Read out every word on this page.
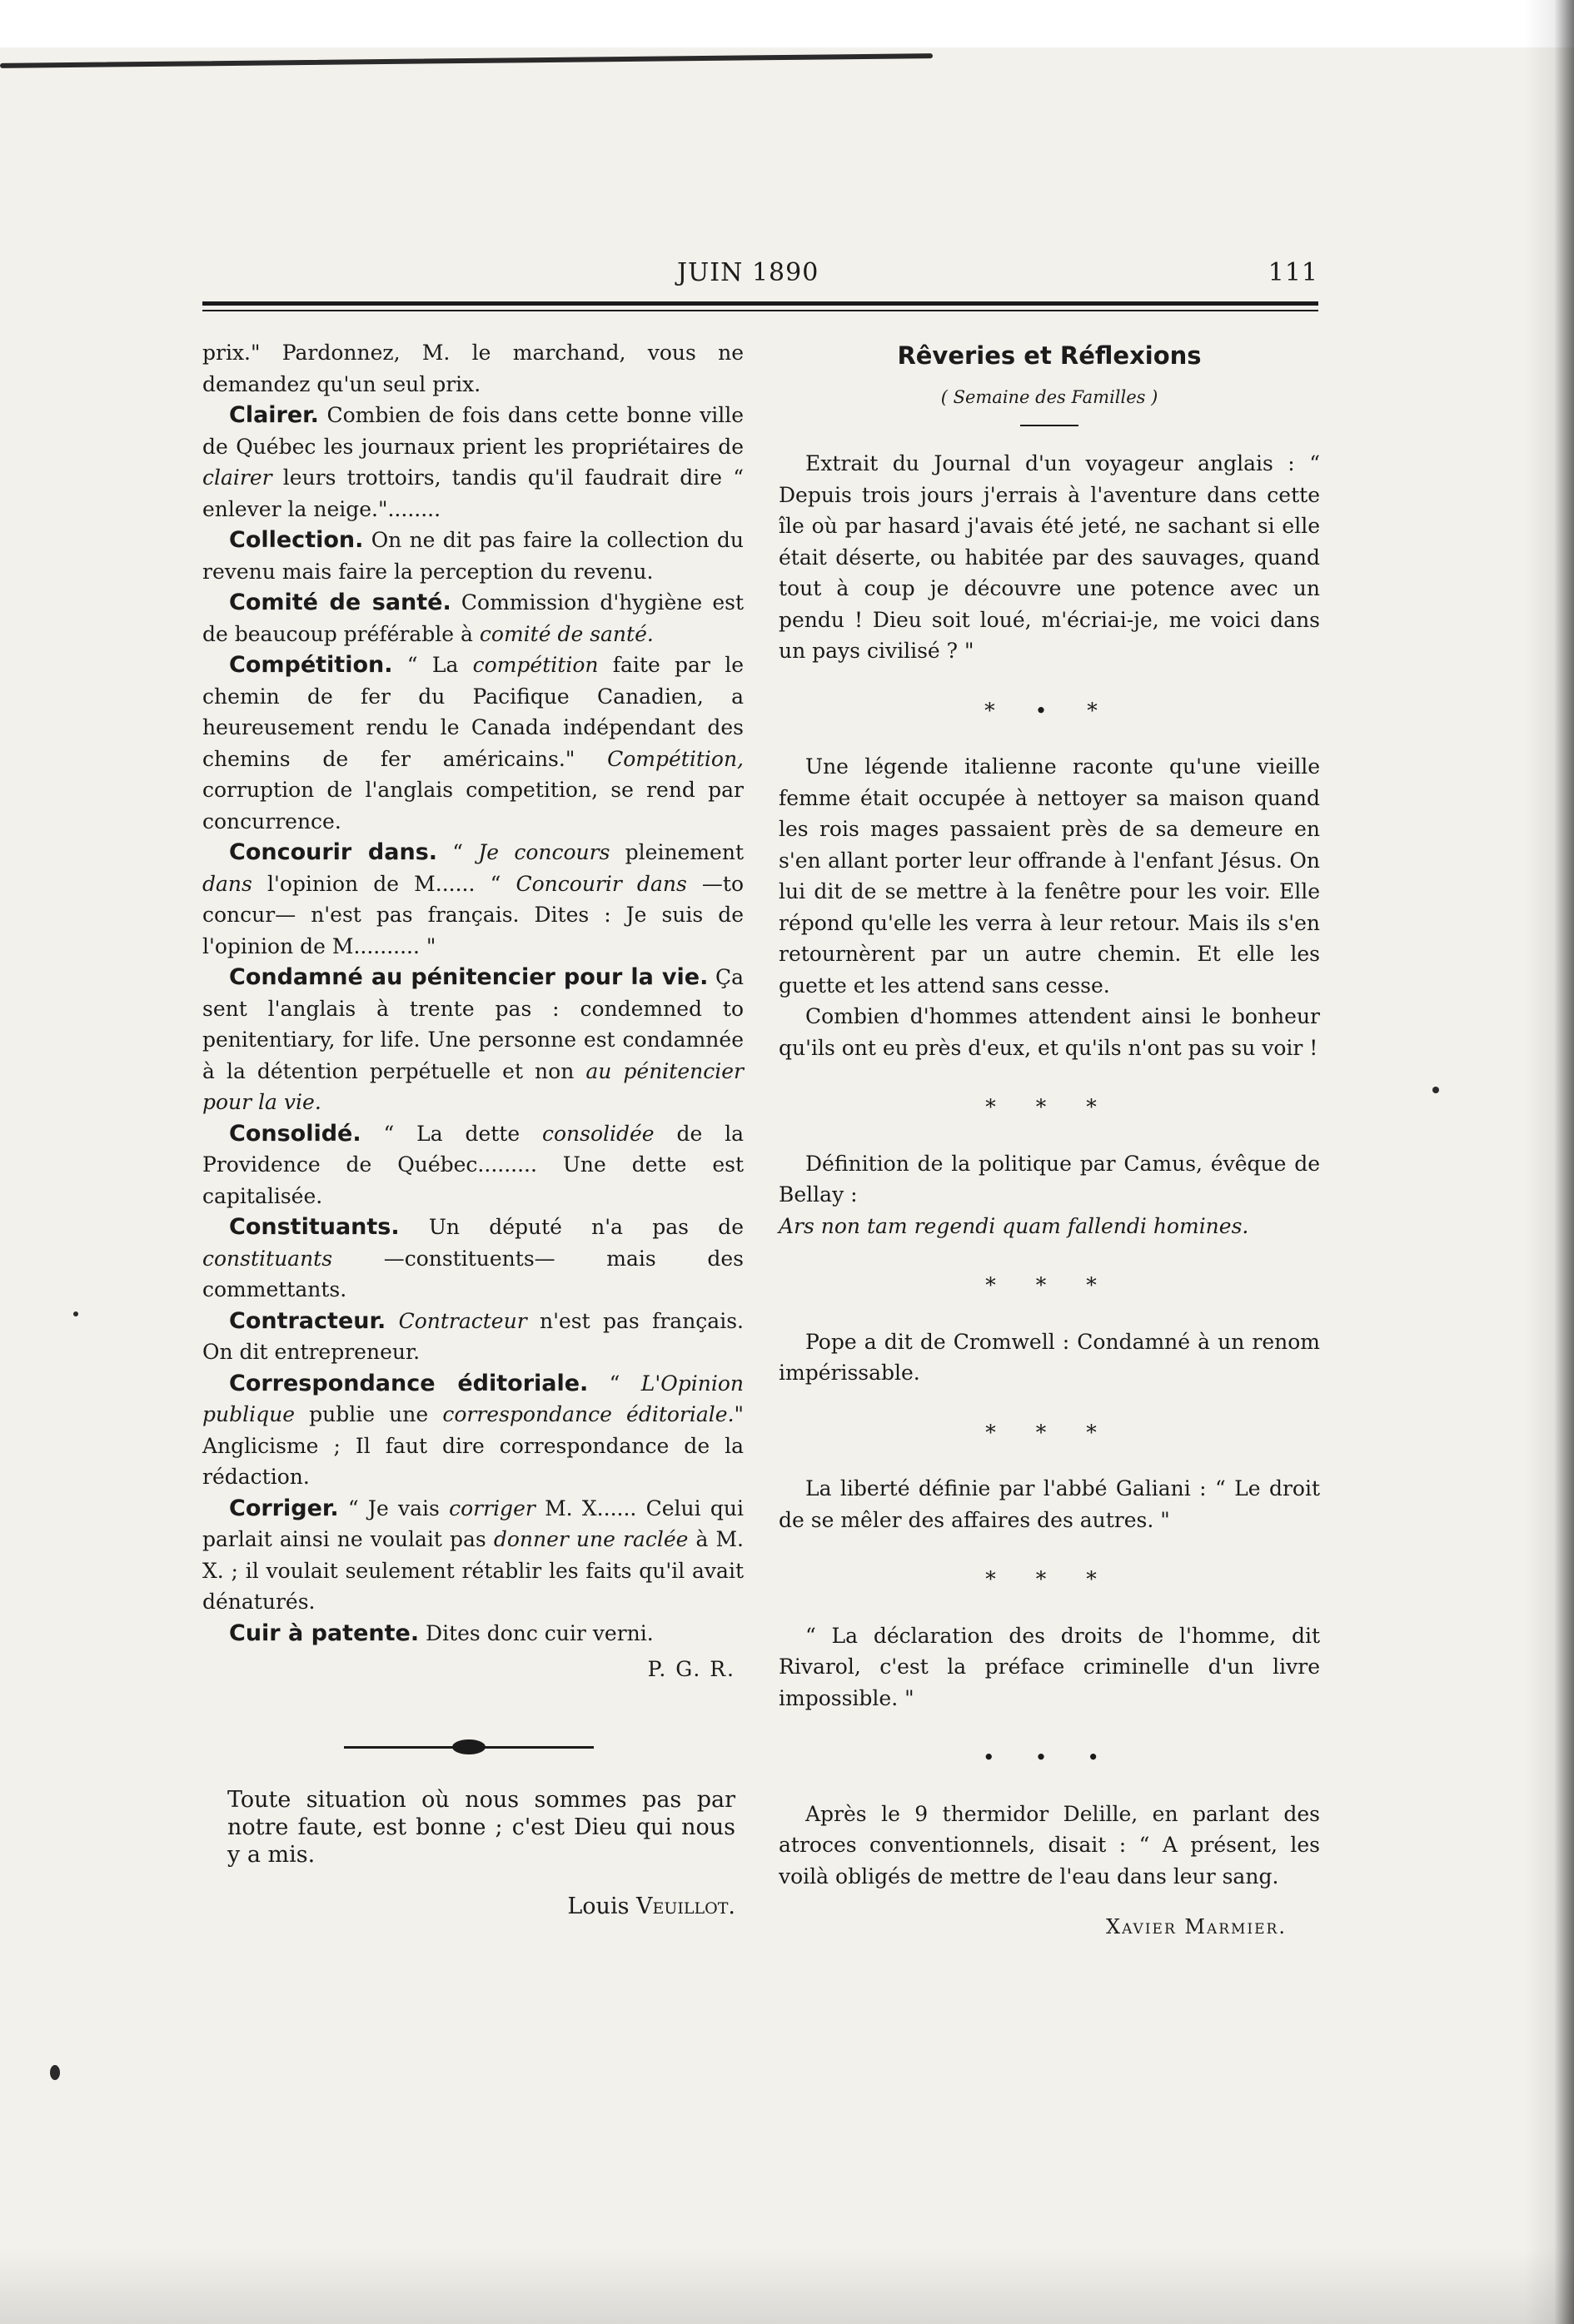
JUIN 1890	111

prix." Pardonnez, M. le marchand, vous ne demandez qu'un seul prix.

Clairer. Combien de fois dans cette bonne ville de Québec les journaux prient les propriétaires de clairer leurs trottoirs, tandis qu'il faudrait dire “ enlever la neige."........

Collection. On ne dit pas faire la collection du revenu mais faire la perception du revenu.

Comité de santé. Commission d'hygiène est de beaucoup préférable à comité de santé.

Compétition. “ La compétition faite par le chemin de fer du Pacifique Canadien, a heureusement rendu le Canada indépendant des chemins de fer américains." Compétition, corruption de l'anglais competition, se rend par concurrence.

Concourir dans. “ Je concours pleinement dans l'opinion de M...... “ Concourir dans —to concur— n'est pas français. Dites : Je suis de l'opinion de M.......... "

Condamné au pénitencier pour la vie. Ça sent l'anglais à trente pas : condemned to penitentiary, for life. Une personne est condamnée à la détention perpétuelle et non au pénitencier pour la vie.

Consolidé. “ La dette consolidée de la Providence de Québec......... Une dette est capitalisée.

Constituants. Un député n'a pas de constituants —constituents— mais des commettants.

Contracteur. Contracteur n'est pas français. On dit entrepreneur.

Correspondance éditoriale. “ L'Opinion publique publie une correspondance éditoriale." Anglicisme ; Il faut dire correspondance de la rédaction.

Corriger. “ Je vais corriger M. X...... Celui qui parlait ainsi ne voulait pas donner une raclée à M. X. ; il voulait seulement rétablir les faits qu'il avait dénaturés.

Cuir à patente. Dites donc cuir verni.

P. G. R.

Toute situation où nous sommes pas par notre faute, est bonne ; c'est Dieu qui nous y a mis.

Louis Veuillot.

Rêveries et Réflexions
( Semaine des Familles )

Extrait du Journal d'un voyageur anglais : “ Depuis trois jours j'errais à l'aventure dans cette île où par hasard j'avais été jeté, ne sachant si elle était déserte, ou habitée par des sauvages, quand tout à coup je découvre une potence avec un pendu ! Dieu soit loué, m'écriai-je, me voici dans un pays civilisé ? "

* • *

Une légende italienne raconte qu'une vieille femme était occupée à nettoyer sa maison quand les rois mages passaient près de sa demeure en s'en allant porter leur offrande à l'enfant Jésus. On lui dit de se mettre à la fenêtre pour les voir. Elle répond qu'elle les verra à leur retour. Mais ils s'en retournèrent par un autre chemin. Et elle les guette et les attend sans cesse.

Combien d'hommes attendent ainsi le bonheur qu'ils ont eu près d'eux, et qu'ils n'ont pas su voir !

* * *

Définition de la politique par Camus, évêque de Bellay :

Ars non tam regendi quam fallendi homines.

* * *

Pope a dit de Cromwell : Condamné à un renom impérissable.

* * *

La liberté définie par l'abbé Galiani : “ Le droit de se mêler des affaires des autres. "

* * *

“ La déclaration des droits de l'homme, dit Rivarol, c'est la préface criminelle d'un livre impossible. "

• • •

Après le 9 thermidor Delille, en parlant des atroces conventionnels, disait : “ A présent, les voilà obligés de mettre de l'eau dans leur sang.

Xavier Marmier.
